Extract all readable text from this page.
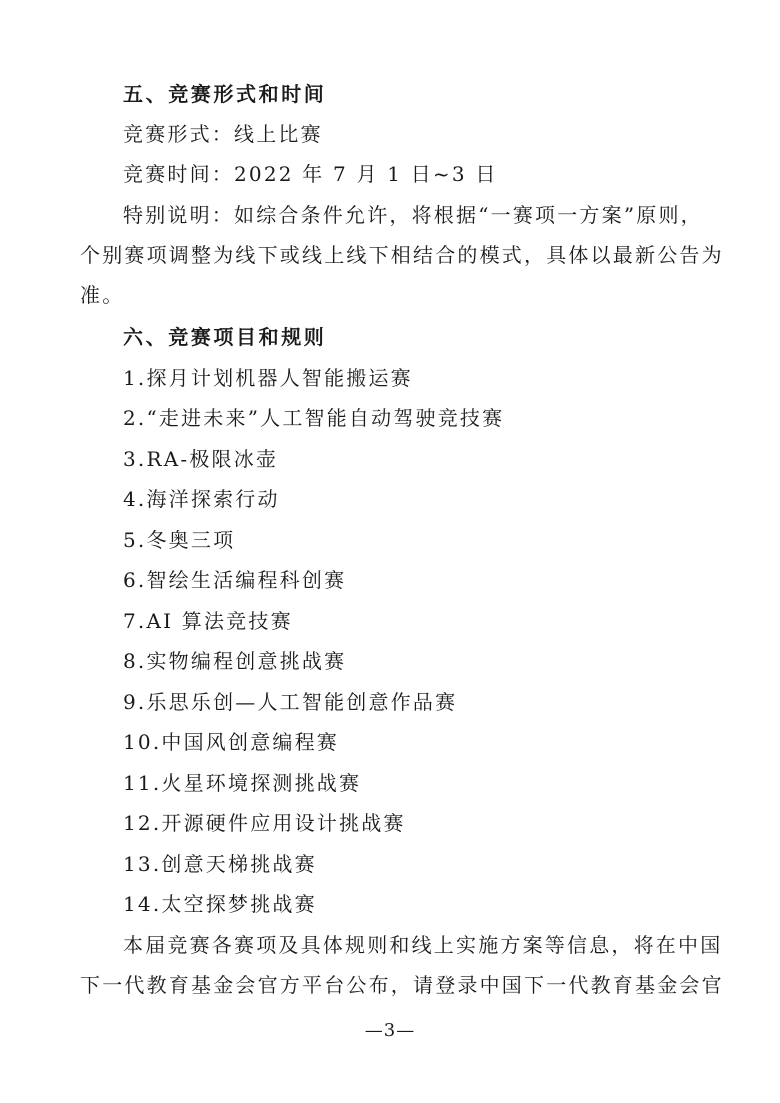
五、竞赛形式和时间
竞赛形式：线上比赛
竞赛时间：2022 年 7 月 1 日~3 日
特别说明：如综合条件允许，将根据“一赛项一方案”原则，
个别赛项调整为线下或线上线下相结合的模式，具体以最新公告为
准。
六、竞赛项目和规则
1.探月计划机器人智能搬运赛
2.“走进未来”人工智能自动驾驶竞技赛
3.RA-极限冰壶
4.海洋探索行动
5.冬奥三项
6.智绘生活编程科创赛
7.AI 算法竞技赛
8.实物编程创意挑战赛
9.乐思乐创—人工智能创意作品赛
10.中国风创意编程赛
11.火星环境探测挑战赛
12.开源硬件应用设计挑战赛
13.创意天梯挑战赛
14.太空探梦挑战赛
本届竞赛各赛项及具体规则和线上实施方案等信息，将在中国
下一代教育基金会官方平台公布，请登录中国下一代教育基金会官
—3—
